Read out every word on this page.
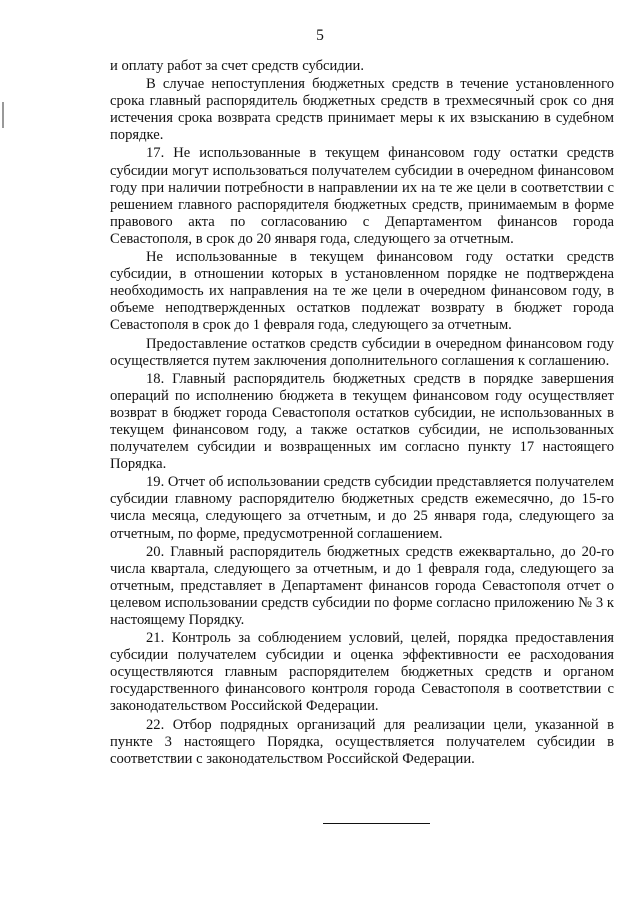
5

и оплату работ за счет средств субсидии.

В случае непоступления бюджетных средств в течение установленного срока главный распорядитель бюджетных средств в трехмесячный срок со дня истечения срока возврата средств принимает меры к их взысканию в судебном порядке.

17. Не использованные в текущем финансовом году остатки средств субсидии могут использоваться получателем субсидии в очередном финансовом году при наличии потребности в направлении их на те же цели в соответствии с решением главного распорядителя бюджетных средств, принимаемым в форме правового акта по согласованию с Департаментом финансов города Севастополя, в срок до 20 января года, следующего за отчетным.

Не использованные в текущем финансовом году остатки средств субсидии, в отношении которых в установленном порядке не подтверждена необходимость их направления на те же цели в очередном финансовом году, в объеме неподтвержденных остатков подлежат возврату в бюджет города Севастополя в срок до 1 февраля года, следующего за отчетным.

Предоставление остатков средств субсидии в очередном финансовом году осуществляется путем заключения дополнительного соглашения к соглашению.

18. Главный распорядитель бюджетных средств в порядке завершения операций по исполнению бюджета в текущем финансовом году осуществляет возврат в бюджет города Севастополя остатков субсидии, не использованных в текущем финансовом году, а также остатков субсидии, не использованных получателем субсидии и возвращенных им согласно пункту 17 настоящего Порядка.

19. Отчет об использовании средств субсидии представляется получателем субсидии главному распорядителю бюджетных средств ежемесячно, до 15-го числа месяца, следующего за отчетным, и до 25 января года, следующего за отчетным, по форме, предусмотренной соглашением.

20. Главный распорядитель бюджетных средств ежеквартально, до 20-го числа квартала, следующего за отчетным, и до 1 февраля года, следующего за отчетным, представляет в Департамент финансов города Севастополя отчет о целевом использовании средств субсидии по форме согласно приложению № 3 к настоящему Порядку.

21. Контроль за соблюдением условий, целей, порядка предоставления субсидии получателем субсидии и оценка эффективности ее расходования осуществляются главным распорядителем бюджетных средств и органом государственного финансового контроля города Севастополя в соответствии с законодательством Российской Федерации.

22. Отбор подрядных организаций для реализации цели, указанной в пункте 3 настоящего Порядка, осуществляется получателем субсидии в соответствии с законодательством Российской Федерации.
